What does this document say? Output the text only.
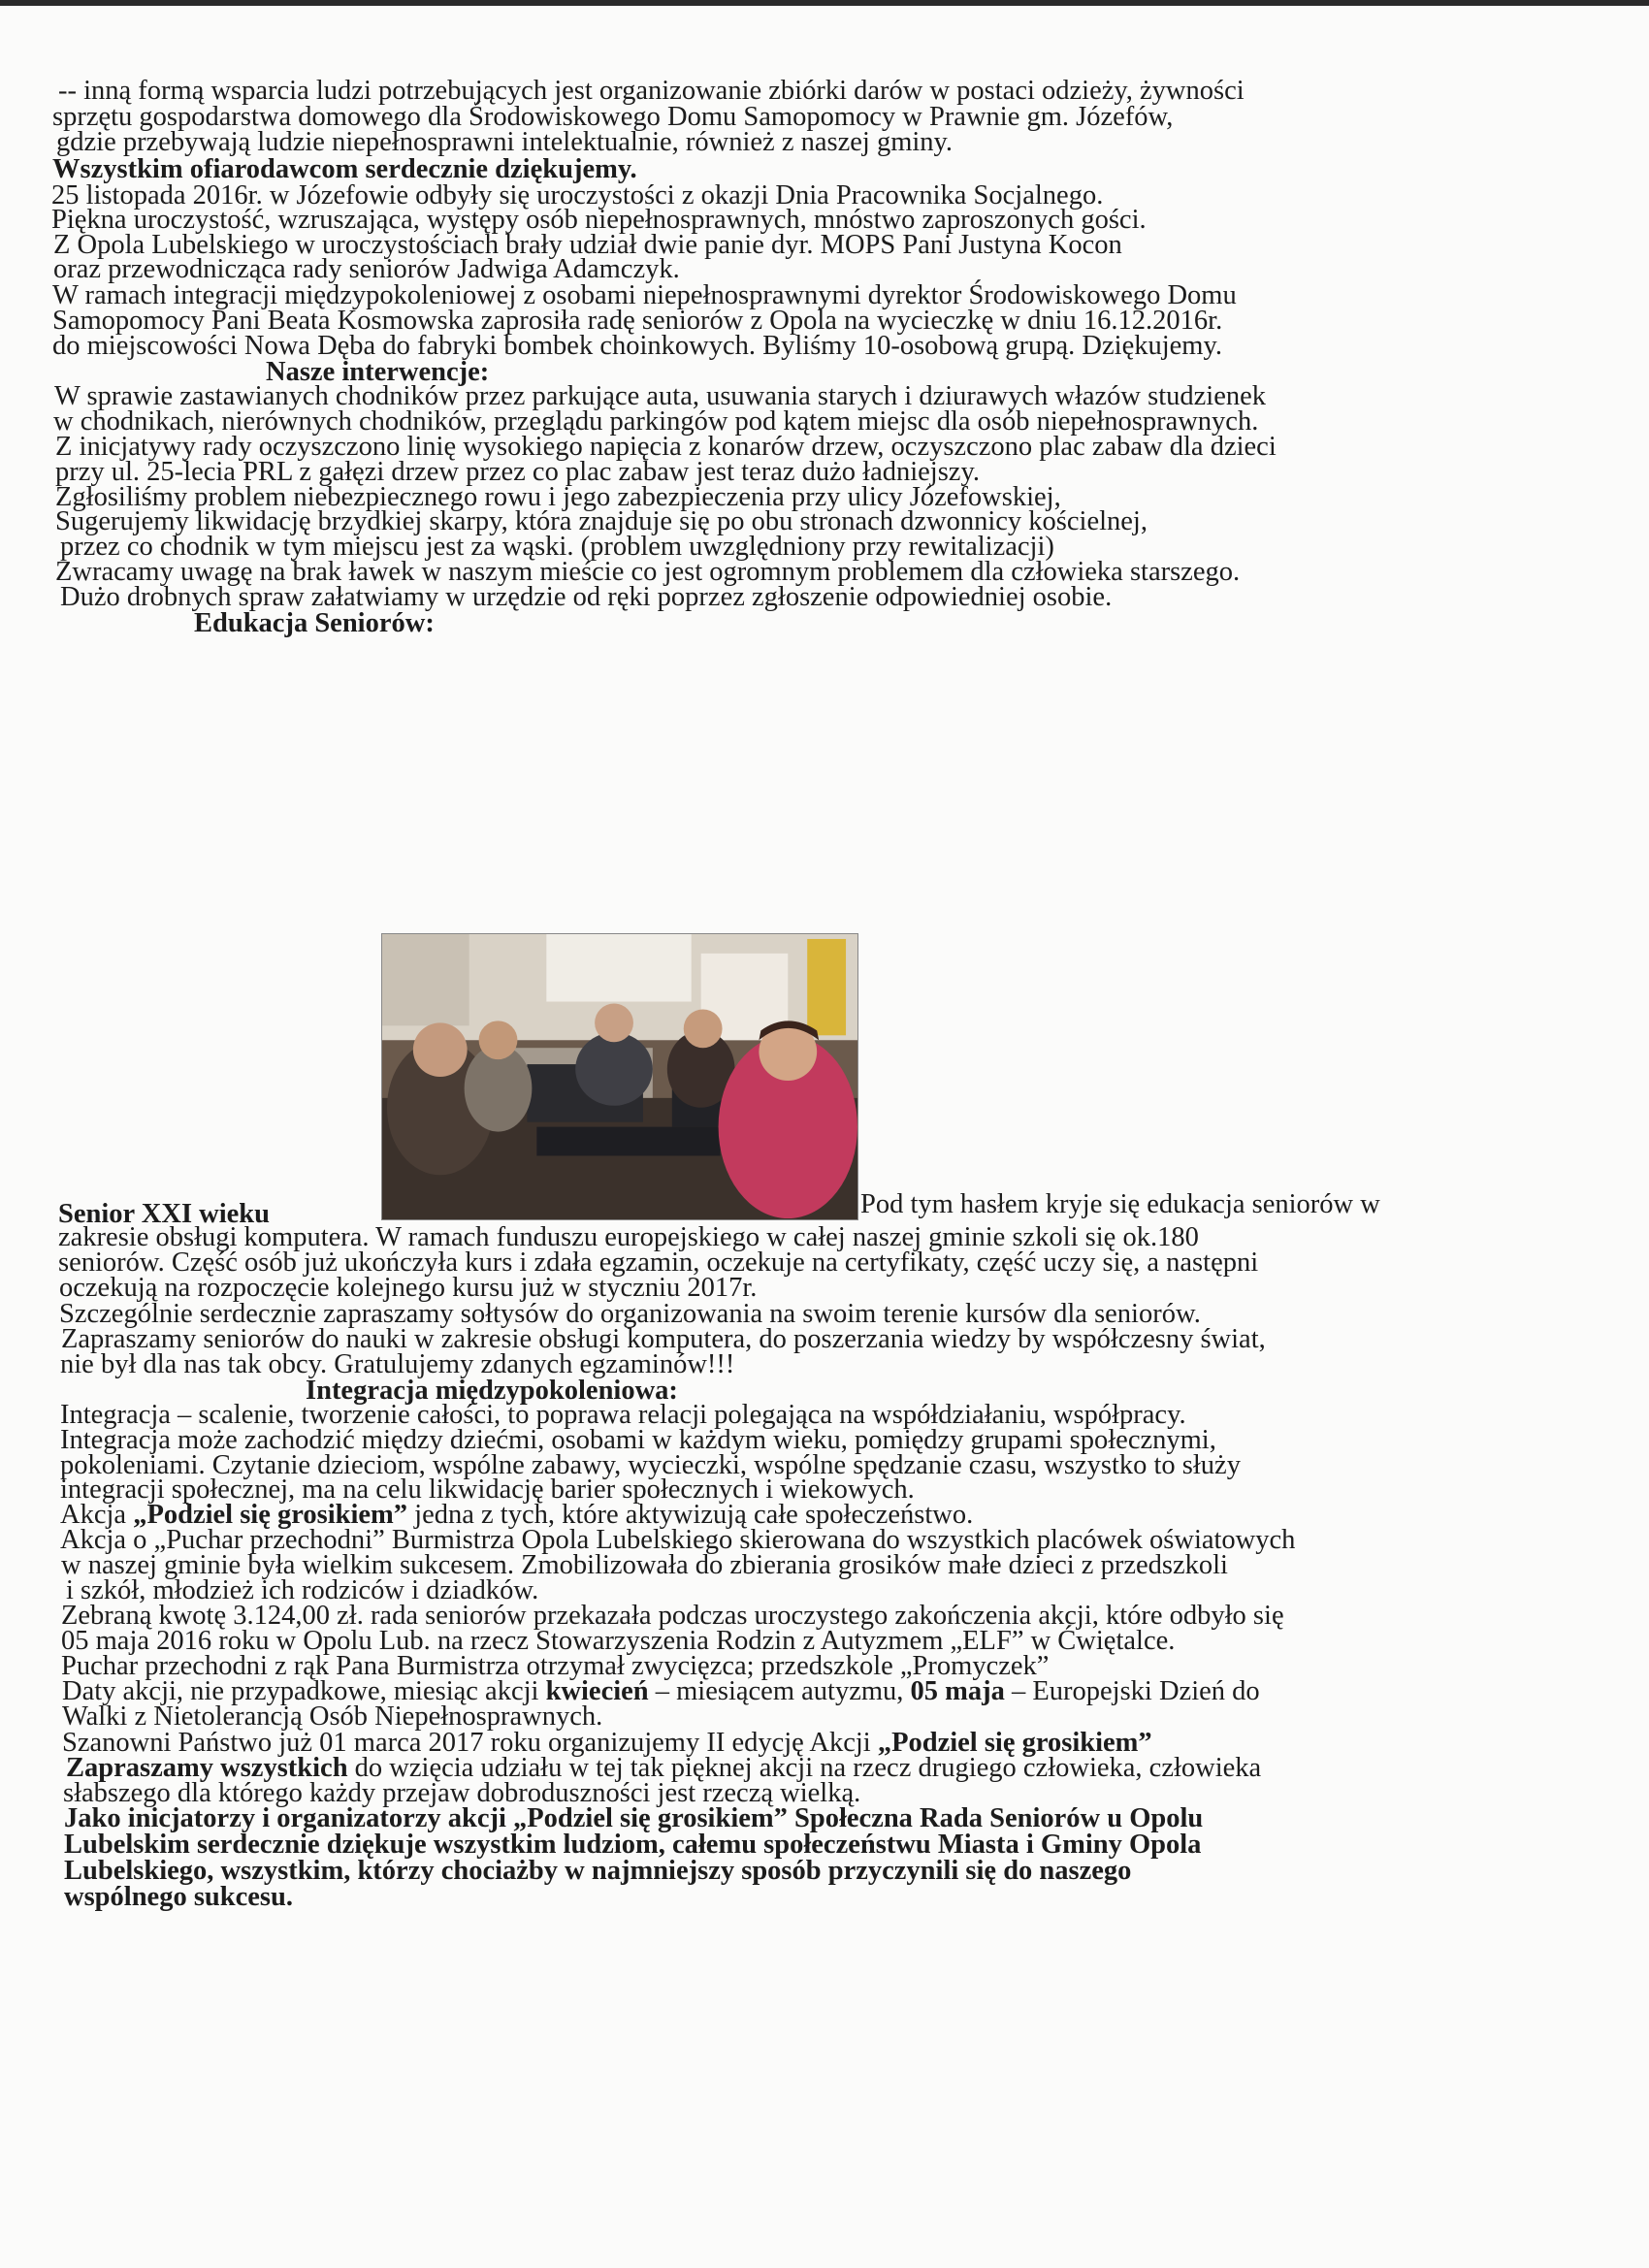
-- inną formą wsparcia ludzi potrzebujących jest organizowanie zbiórki darów w postaci odzieży, żywności
sprzętu gospodarstwa domowego dla Środowiskowego Domu Samopomocy w Prawnie gm. Józefów,
gdzie przebywają ludzie niepełnosprawni intelektualnie, również z naszej gminy.
Wszystkim ofiarodawcom serdecznie dziękujemy.
25 listopada 2016r. w Józefowie odbyły się uroczystości z okazji Dnia Pracownika Socjalnego.
Piękna uroczystość, wzruszająca, występy osób niepełnosprawnych, mnóstwo zaproszonych gości.
Z Opola Lubelskiego w uroczystościach brały udział dwie panie dyr. MOPS Pani Justyna Kocon
oraz przewodnicząca rady seniorów Jadwiga Adamczyk.
W ramach integracji międzypokoleniowej z osobami niepełnosprawnymi dyrektor Środowiskowego Domu
Samopomocy Pani Beata Kosmowska zaprosiła radę seniorów z Opola na wycieczkę w dniu 16.12.2016r.
do miejscowości Nowa Dęba do fabryki bombek choinkowych. Byliśmy 10-osobową grupą. Dziękujemy.
Nasze interwencje:
W sprawie zastawianych chodników przez parkujące auta, usuwania starych i dziurawych włazów studzienek
w chodnikach, nierównych chodników, przeglądu parkingów pod kątem miejsc dla osób niepełnosprawnych.
Z inicjatywy rady oczyszczono linię wysokiego napięcia z konarów drzew, oczyszczono plac zabaw dla dzieci
przy ul. 25-lecia PRL z gałęzi drzew przez co plac zabaw jest teraz dużo ładniejszy.
Zgłosiliśmy problem niebezpiecznego rowu i jego zabezpieczenia przy ulicy Józefowskiej,
Sugerujemy likwidację brzydkiej skarpy, która znajduje się po obu stronach dzwonnicy kościelnej,
przez co chodnik w tym miejscu jest za wąski. (problem uwzględniony przy rewitalizacji)
Zwracamy uwagę na brak ławek w naszym mieście co jest ogromnym problemem dla człowieka starszego.
Dużo drobnych spraw załatwiamy w urzędzie od ręki poprzez zgłoszenie odpowiedniej osobie.
Edukacja Seniorów:
Senior XXI wieku	Pod tym hasłem kryje się edukacja seniorów w
zakresie obsługi komputera. W ramach funduszu europejskiego w całej naszej gminie szkoli się ok.180
seniorów. Część osób już ukończyła kurs i zdała egzamin, oczekuje na certyfikaty, część uczy się, a następni
oczekują na rozpoczęcie kolejnego kursu już w styczniu 2017r.
Szczególnie serdecznie zapraszamy sołtysów do organizowania na swoim terenie kursów dla seniorów.
Zapraszamy seniorów do nauki w zakresie obsługi komputera, do poszerzania wiedzy by współczesny świat,
nie był dla nas tak obcy. Gratulujemy zdanych egzaminów!!!
Integracja międzypokoleniowa:
Integracja – scalenie, tworzenie całości, to poprawa relacji polegająca na współdziałaniu, współpracy.
Integracja może zachodzić między dziećmi, osobami w każdym wieku, pomiędzy grupami społecznymi,
pokoleniami. Czytanie dzieciom, wspólne zabawy, wycieczki, wspólne spędzanie czasu, wszystko to służy
integracji społecznej, ma na celu likwidację barier społecznych i wiekowych.
Akcja „Podziel się grosikiem” jedna z tych, które aktywizują całe społeczeństwo.
Akcja o „Puchar przechodni” Burmistrza Opola Lubelskiego skierowana do wszystkich placówek oświatowych
w naszej gminie była wielkim sukcesem. Zmobilizowała do zbierania grosików małe dzieci z przedszkoli
i szkół, młodzież ich rodziców i dziadków.
Zebraną kwotę 3.124,00 zł. rada seniorów przekazała podczas uroczystego zakończenia akcji, które odbyło się
05 maja 2016 roku w Opolu Lub. na rzecz Stowarzyszenia Rodzin z Autyzmem „ELF” w Ćwiętalce.
Puchar przechodni z rąk Pana Burmistrza otrzymał zwycięzca; przedszkole „Promyczek”
Daty akcji, nie przypadkowe, miesiąc akcji kwiecień – miesiącem autyzmu, 05 maja – Europejski Dzień do
Walki z Nietolerancją Osób Niepełnosprawnych.
Szanowni Państwo już 01 marca 2017 roku organizujemy II edycję Akcji „Podziel się grosikiem”
Zapraszamy wszystkich do wzięcia udziału w tej tak pięknej akcji na rzecz drugiego człowieka, człowieka
słabszego dla którego każdy przejaw dobroduszności jest rzeczą wielką.
Jako inicjatorzy i organizatorzy akcji „Podziel się grosikiem” Społeczna Rada Seniorów u Opolu
Lubelskim serdecznie dziękuje wszystkim ludziom, całemu społeczeństwu Miasta i Gminy Opola
Lubelskiego, wszystkim, którzy chociażby w najmniejszy sposób przyczynili się do naszego
wspólnego sukcesu.
